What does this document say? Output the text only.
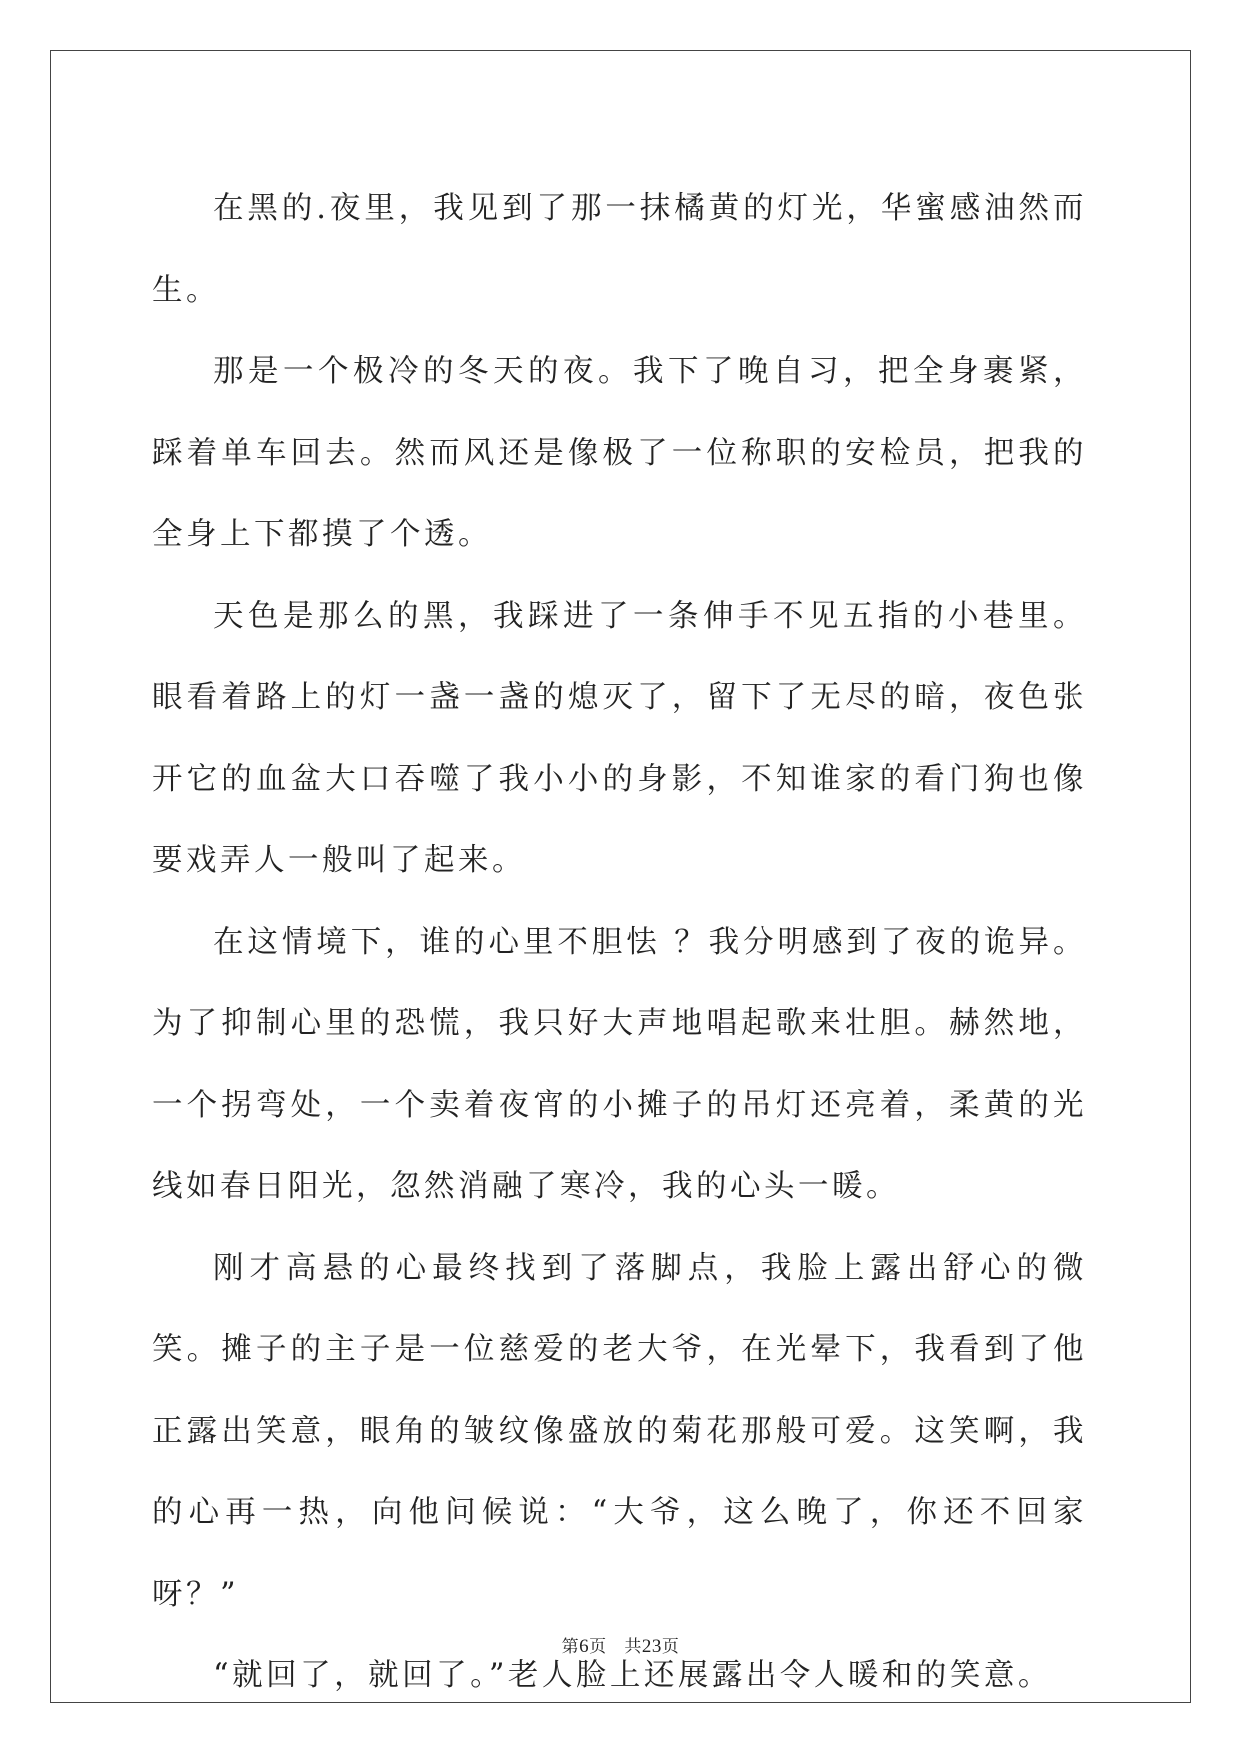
在黑的.夜里，我见到了那一抹橘黄的灯光，华蜜感油然而生。

那是一个极冷的冬天的夜。我下了晚自习，把全身裹紧，踩着单车回去。然而风还是像极了一位称职的安检员，把我的全身上下都摸了个透。

天色是那么的黑，我踩进了一条伸手不见五指的小巷里。眼看着路上的灯一盏一盏的熄灭了，留下了无尽的暗，夜色张开它的血盆大口吞噬了我小小的身影，不知谁家的看门狗也像要戏弄人一般叫了起来。

在这情境下，谁的心里不胆怯 ？我分明感到了夜的诡异。为了抑制心里的恐慌，我只好大声地唱起歌来壮胆。赫然地，一个拐弯处，一个卖着夜宵的小摊子的吊灯还亮着，柔黄的光线如春日阳光，忽然消融了寒冷，我的心头一暖。

刚才高悬的心最终找到了落脚点，我脸上露出舒心的微笑。摊子的主子是一位慈爱的老大爷，在光晕下，我看到了他正露出笑意，眼角的皱纹像盛放的菊花那般可爱。这笑啊，我的心再一热，向他问候说：“大爷，这么晚了，你还不回家呀？”

“就回了，就回了。”老人脸上还展露出令人暖和的笑意。

第6页 共23页
